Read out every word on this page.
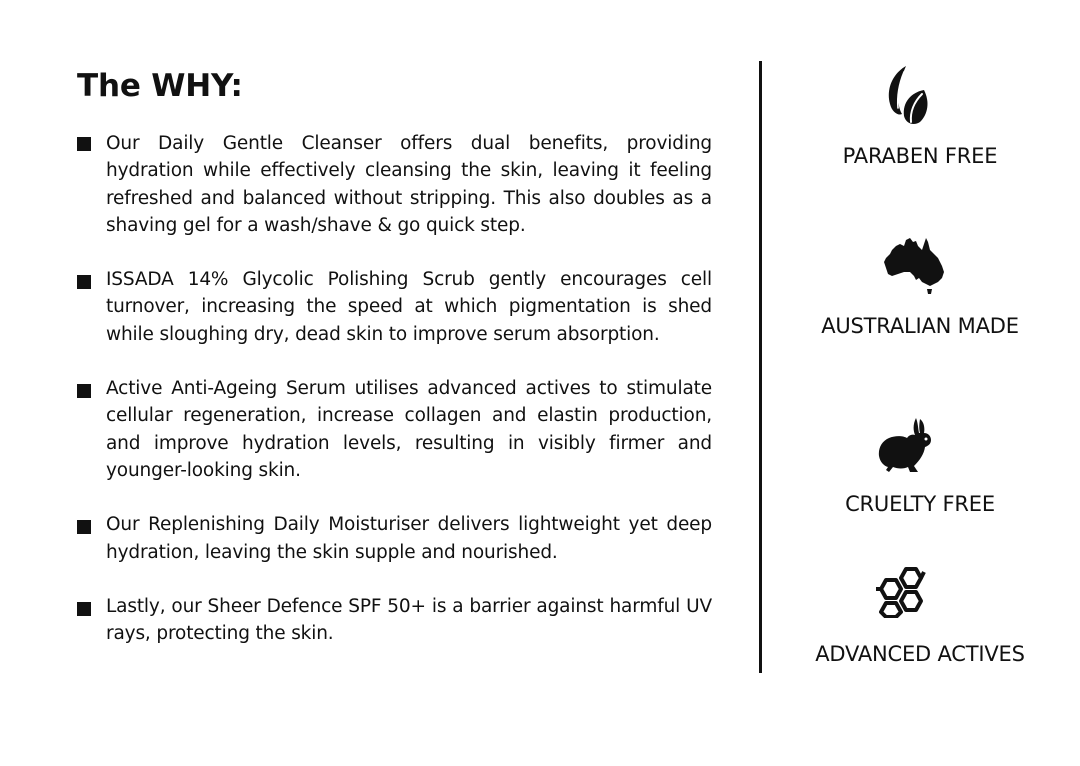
The WHY:
Our Daily Gentle Cleanser offers dual benefits, providing hydration while effectively cleansing the skin, leaving it feeling refreshed and balanced without stripping. This also doubles as a shaving gel for a wash/shave & go quick step.
ISSADA 14% Glycolic Polishing Scrub gently encourages cell turnover, increasing the speed at which pigmentation is shed while sloughing dry, dead skin to improve serum absorption.
Active Anti-Ageing Serum utilises advanced actives to stimulate cellular regeneration, increase collagen and elastin production, and improve hydration levels, resulting in visibly firmer and younger-looking skin.
Our Replenishing Daily Moisturiser delivers lightweight yet deep hydration, leaving the skin supple and nourished.
Lastly, our Sheer Defence SPF 50+ is a barrier against harmful UV rays, protecting the skin.
PARABEN FREE
AUSTRALIAN MADE
CRUELTY FREE
ADVANCED ACTIVES
